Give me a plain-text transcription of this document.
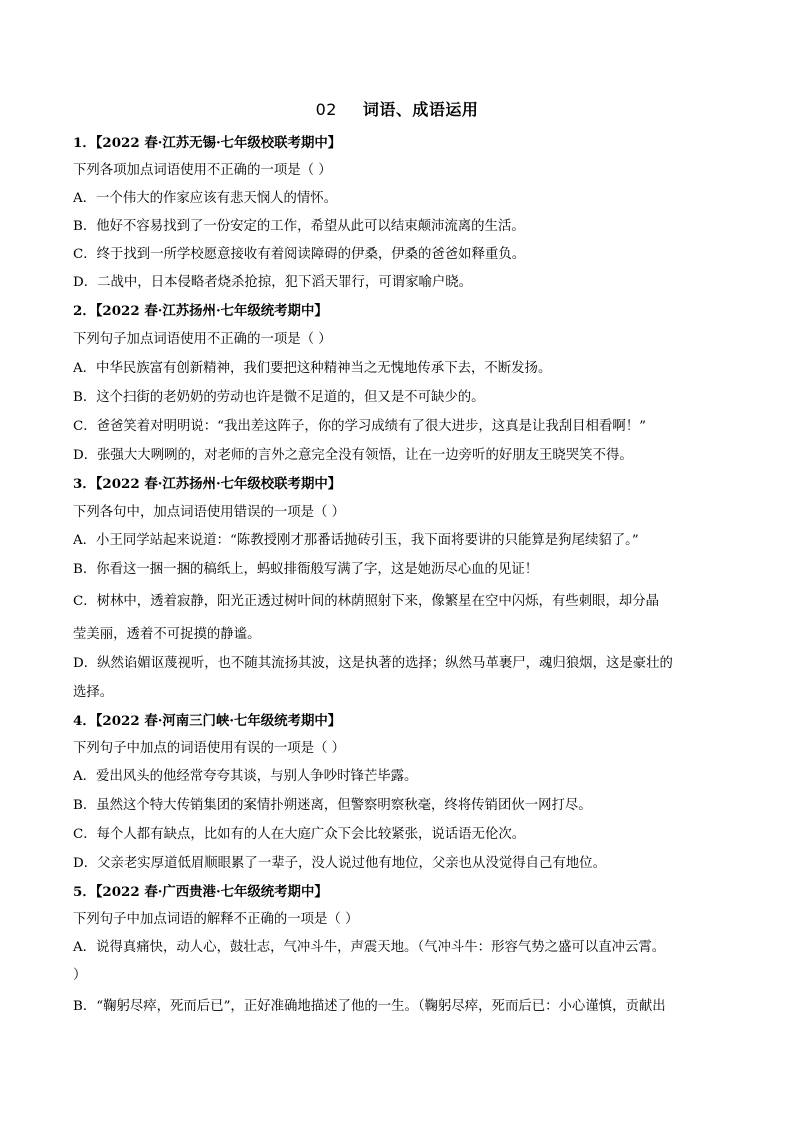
02 词语、成语运用
1．【2022 春·江苏无锡·七年级校联考期中】
下列各项加点词语使用不正确的一项是（ ）
A．一个伟大的作家应该有悲天悯人的情怀。
B．他好不容易找到了一份安定的工作，希望从此可以结束颠沛流离的生活。
C．终于找到一所学校愿意接收有着阅读障碍的伊桑，伊桑的爸爸如释重负。
D．二战中，日本侵略者烧杀抢掠，犯下滔天罪行，可谓家喻户晓。
2．【2022 春·江苏扬州·七年级统考期中】
下列句子加点词语使用不正确的一项是（ ）
A．中华民族富有创新精神，我们要把这种精神当之无愧地传承下去，不断发扬。
B．这个扫街的老奶奶的劳动也许是微不足道的，但又是不可缺少的。
C．爸爸笑着对明明说：“我出差这阵子，你的学习成绩有了很大进步，这真是让我刮目相看啊！”
D．张强大大咧咧的，对老师的言外之意完全没有领悟，让在一边旁听的好朋友王晓哭笑不得。
3．【2022 春·江苏扬州·七年级校联考期中】
下列各句中，加点词语使用错误的一项是（ ）
A．小王同学站起来说道：“陈教授刚才那番话抛砖引玉，我下面将要讲的只能算是狗尾续貂了。”
B．你看这一捆一捆的稿纸上，蚂蚁排衙般写满了字，这是她沥尽心血的见证！
C．树林中，透着寂静，阳光正透过树叶间的林荫照射下来，像繁星在空中闪烁，有些刺眼，却分晶
莹美丽，透着不可捉摸的静谧。
D．纵然谄媚讴蔑视听，也不随其流扬其波，这是执著的选择；纵然马革裹尸，魂归狼烟，这是豪壮的
选择。
4．【2022 春·河南三门峡·七年级统考期中】
下列句子中加点的词语使用有误的一项是（ ）
A．爱出风头的他经常夸夸其谈，与别人争吵时锋芒毕露。
B．虽然这个特大传销集团的案情扑朔迷离，但警察明察秋毫，终将传销团伙一网打尽。
C．每个人都有缺点，比如有的人在大庭广众下会比较紧张，说话语无伦次。
D．父亲老实厚道低眉顺眼累了一辈子，没人说过他有地位，父亲也从没觉得自己有地位。
5．【2022 春·广西贵港·七年级统考期中】
下列句子中加点词语的解释不正确的一项是（ ）
A．说得真痛快，动人心，鼓壮志，气冲斗牛，声震天地。（气冲斗牛：形容气势之盛可以直冲云霄。
）
B．“鞠躬尽瘁，死而后已”，正好准确地描述了他的一生。（鞠躬尽瘁，死而后已：小心谨慎，贡献出
